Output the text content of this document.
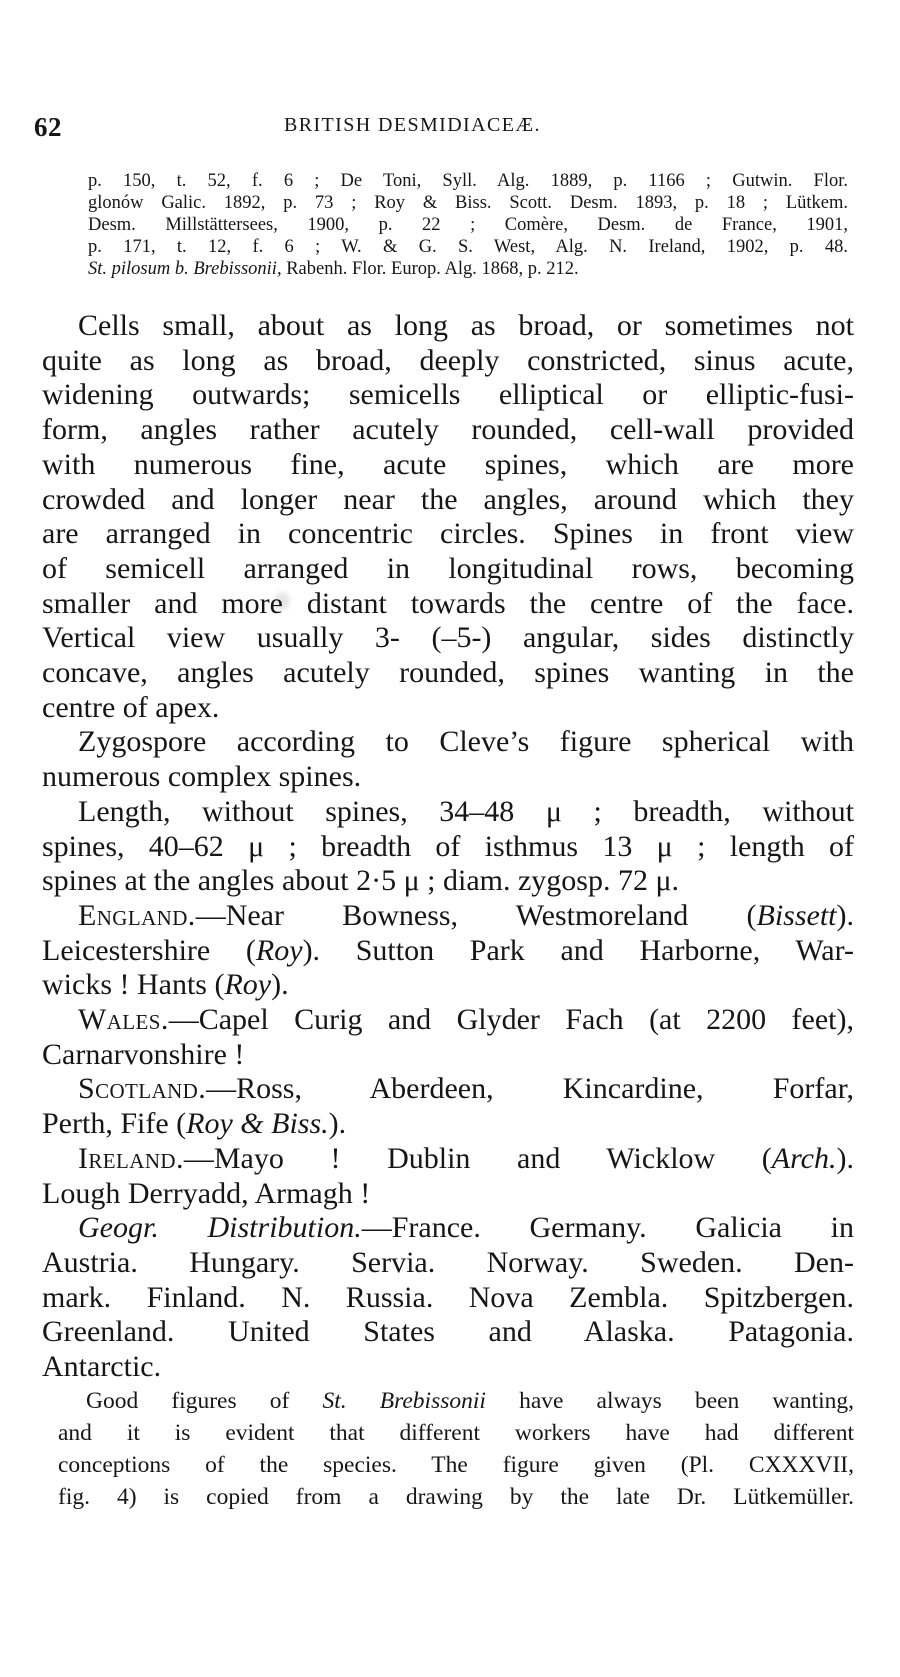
62	BRITISH DESMIDIACEÆ.
p. 150, t. 52, f. 6 ; De Toni, Syll. Alg. 1889, p. 1166 ; Gutwin. Flor.
glonów Galic. 1892, p. 73 ; Roy & Biss. Scott. Desm. 1893, p. 18 ; Lütkem.
Desm. Millstättersees, 1900, p. 22 ; Comère, Desm. de France, 1901,
p. 171, t. 12, f. 6 ; W. & G. S. West, Alg. N. Ireland, 1902, p. 48.
St. pilosum b. Brebissonii, Rabenh. Flor. Europ. Alg. 1868, p. 212.

Cells small, about as long as broad, or sometimes not
quite as long as broad, deeply constricted, sinus acute,
widening outwards; semicells elliptical or elliptic-fusi-
form, angles rather acutely rounded, cell-wall provided
with numerous fine, acute spines, which are more
crowded and longer near the angles, around which they
are arranged in concentric circles. Spines in front view
of semicell arranged in longitudinal rows, becoming
smaller and more distant towards the centre of the face.
Vertical view usually 3- (–5-) angular, sides distinctly
concave, angles acutely rounded, spines wanting in the
centre of apex.

Zygospore according to Cleve’s figure spherical with
numerous complex spines.

Length, without spines, 34–48 μ ; breadth, without
spines, 40–62 μ ; breadth of isthmus 13 μ ; length of
spines at the angles about 2·5 μ ; diam. zygosp. 72 μ.

England.—Near Bowness, Westmoreland (Bissett).
Leicestershire (Roy). Sutton Park and Harborne, War-
wicks ! Hants (Roy).

Wales.—Capel Curig and Glyder Fach (at 2200 feet),
Carnarvonshire !

Scotland.—Ross, Aberdeen, Kincardine, Forfar,
Perth, Fife (Roy & Biss.).

Ireland.—Mayo ! Dublin and Wicklow (Arch.).
Lough Derryadd, Armagh !

Geogr. Distribution.—France. Germany. Galicia in
Austria. Hungary. Servia. Norway. Sweden. Den-
mark. Finland. N. Russia. Nova Zembla. Spitzbergen.
Greenland. United States and Alaska. Patagonia.
Antarctic.

Good figures of St. Brebissonii have always been wanting,
and it is evident that different workers have had different
conceptions of the species. The figure given (Pl. CXXXVII,
fig. 4) is copied from a drawing by the late Dr. Lütkemüller.
